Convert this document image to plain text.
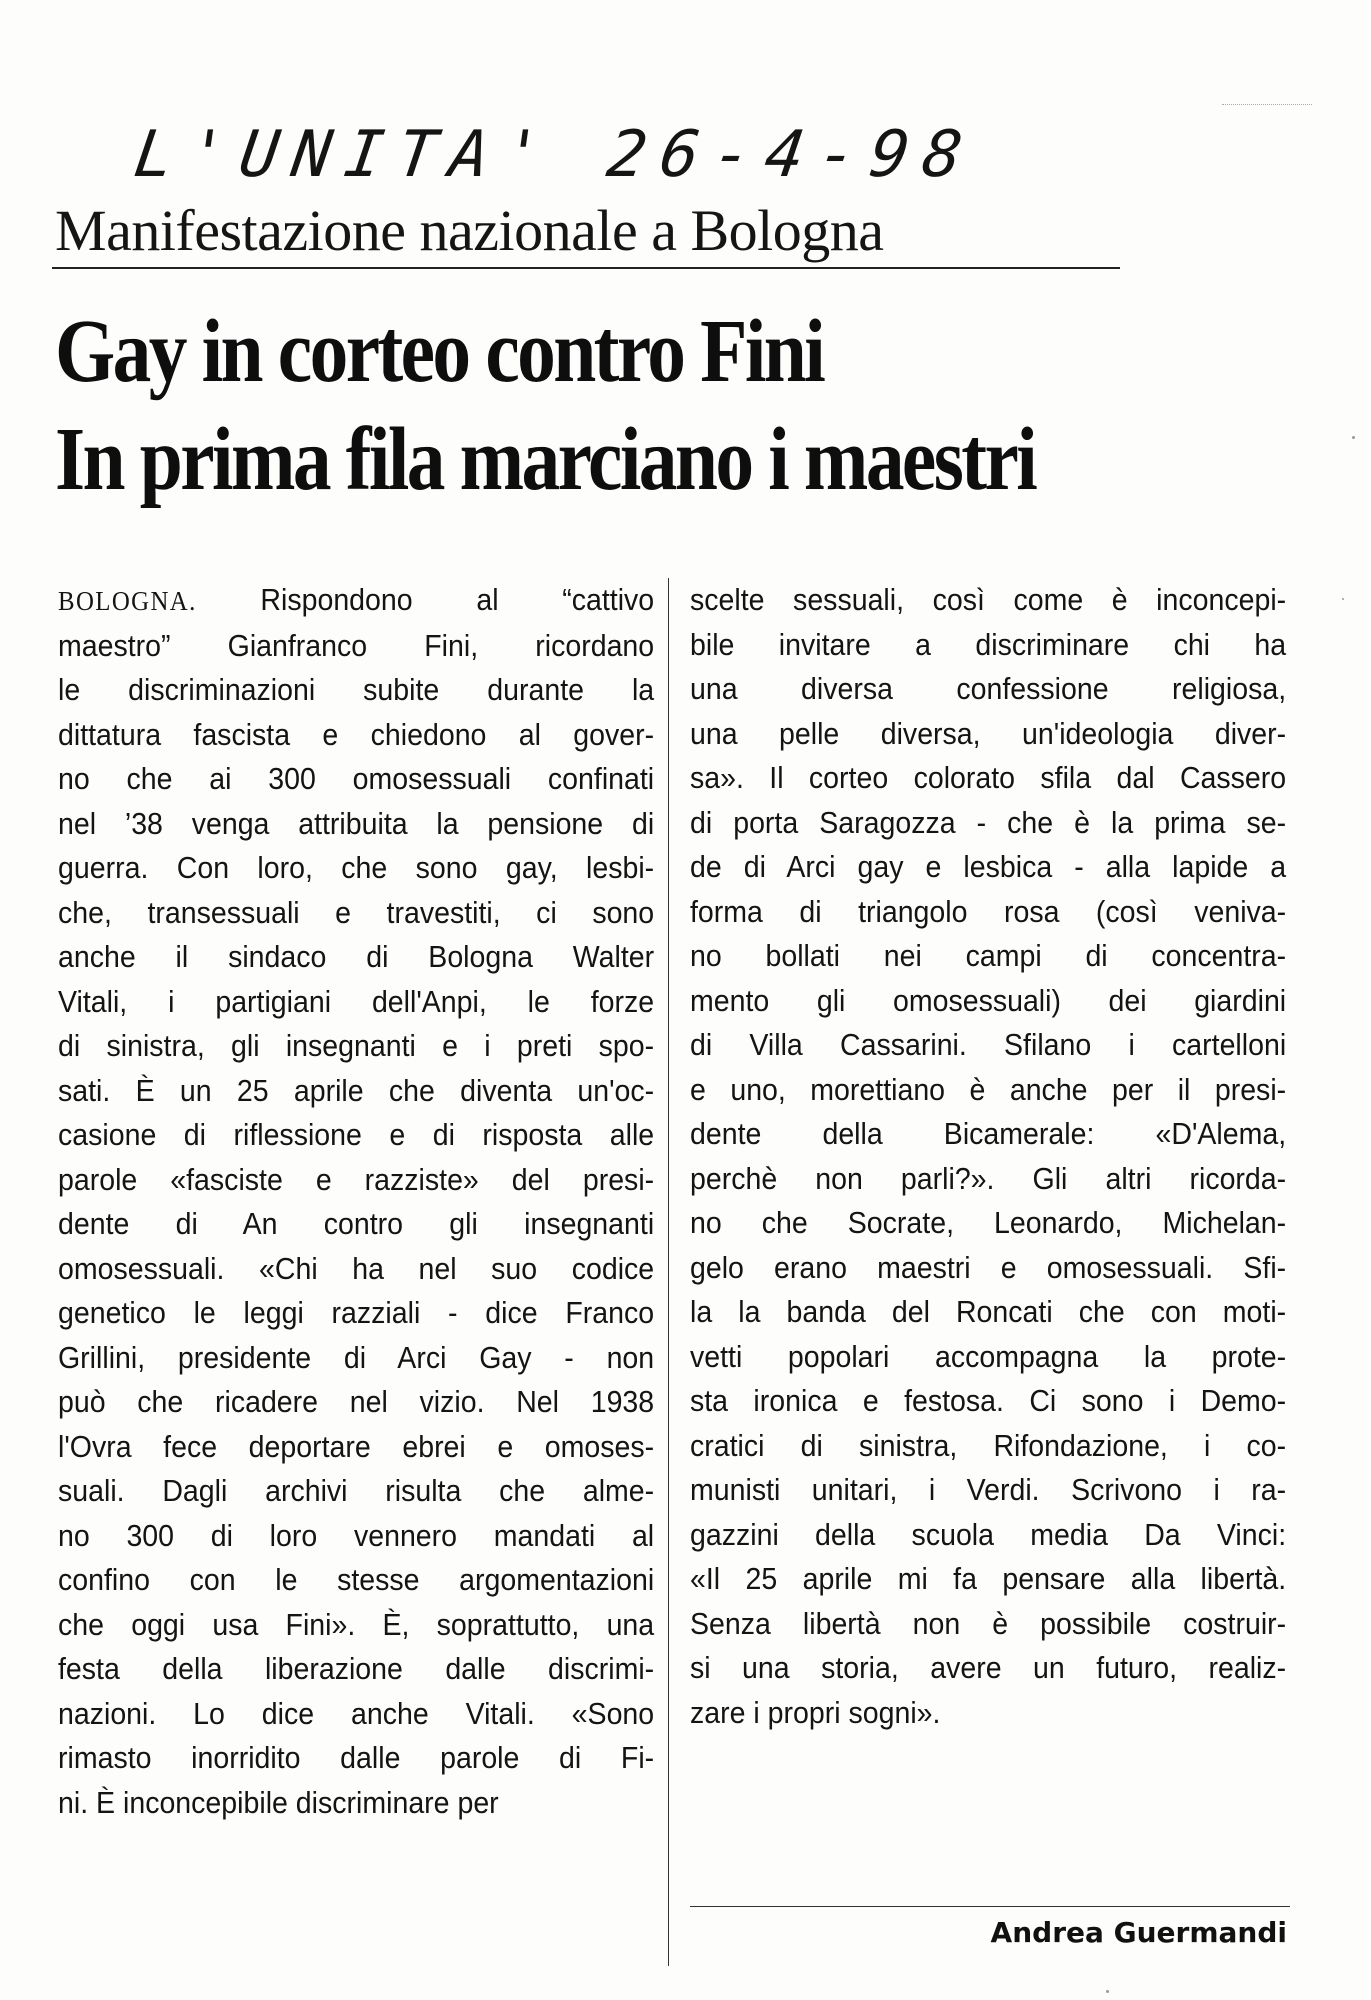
L'UNITA' 26-4-98
Manifestazione nazionale a Bologna
Gay in corteo contro Fini
In prima fila marciano i maestri
BOLOGNA. Rispondono al “cattivo
maestro” Gianfranco Fini, ricordano
le discriminazioni subite durante la
dittatura fascista e chiedono al gover-
no che ai 300 omosessuali confinati
nel ’38 venga attribuita la pensione di
guerra. Con loro, che sono gay, lesbi-
che, transessuali e travestiti, ci sono
anche il sindaco di Bologna Walter
Vitali, i partigiani dell'Anpi, le forze
di sinistra, gli insegnanti e i preti spo-
sati. È un 25 aprile che diventa un'oc-
casione di riflessione e di risposta alle
parole «fasciste e razziste» del presi-
dente di An contro gli insegnanti
omosessuali. «Chi ha nel suo codice
genetico le leggi razziali - dice Franco
Grillini, presidente di Arci Gay - non
può che ricadere nel vizio. Nel 1938
l'Ovra fece deportare ebrei e omoses-
suali. Dagli archivi risulta che alme-
no 300 di loro vennero mandati al
confino con le stesse argomentazioni
che oggi usa Fini». È, soprattutto, una
festa della liberazione dalle discrimi-
nazioni. Lo dice anche Vitali. «Sono
rimasto inorridito dalle parole di Fi-
ni. È inconcepibile discriminare per
scelte sessuali, così come è inconcepi-
bile invitare a discriminare chi ha
una diversa confessione religiosa,
una pelle diversa, un'ideologia diver-
sa». Il corteo colorato sfila dal Cassero
di porta Saragozza - che è la prima se-
de di Arci gay e lesbica - alla lapide a
forma di triangolo rosa (così veniva-
no bollati nei campi di concentra-
mento gli omosessuali) dei giardini
di Villa Cassarini. Sfilano i cartelloni
e uno, morettiano è anche per il presi-
dente della Bicamerale: «D'Alema,
perchè non parli?». Gli altri ricorda-
no che Socrate, Leonardo, Michelan-
gelo erano maestri e omosessuali. Sfi-
la la banda del Roncati che con moti-
vetti popolari accompagna la prote-
sta ironica e festosa. Ci sono i Demo-
cratici di sinistra, Rifondazione, i co-
munisti unitari, i Verdi. Scrivono i ra-
gazzini della scuola media Da Vinci:
«Il 25 aprile mi fa pensare alla libertà.
Senza libertà non è possibile costruir-
si una storia, avere un futuro, realiz-
zare i propri sogni».
Andrea Guermandi
